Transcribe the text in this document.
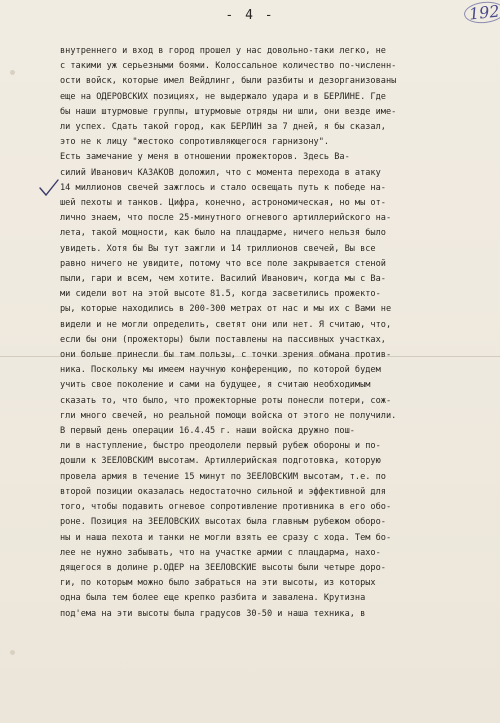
- 4 -	192
внутреннего и вход в город прошел у нас довольно-таки легко, не
с такими уж серьезными боями. Колоссальное количество по-численн-
ости войск, которые имел Вейдлинг, были разбиты и дезорганизованы
еще на ОДЕРОВСКИХ позициях, не выдержало удара и в БЕРЛИНЕ. Где
бы наши штурмовые группы, штурмовые отряды ни шли, они везде име-
ли успех. Сдать такой город, как БЕРЛИН за 7 дней, я бы сказал,
это не к лицу "жестоко сопротивляющегося гарнизону".
Есть замечание у меня в отношении прожекторов. Здесь Ва-
силий Иванович КАЗАКОВ доложил, что с момента перехода в атаку
14 миллионов свечей зажглось и стало освещать путь к победе на-
шей пехоты и танков. Цифра, конечно, астрономическая, но мы от-
лично знаем, что после 25-минутного огневого артиллерийского на-
лета, такой мощности, как было на плацдарме, ничего нельзя было
увидеть. Хотя бы Вы тут зажгли и 14 триллионов свечей, Вы все
равно ничего не увидите, потому что все поле закрывается стеной
пыли, гари и всем, чем хотите. Василий Иванович, когда мы с Ва-
ми сидели вот на этой высоте 81.5, когда засветились прожекто-
ры, которые находились в 200-300 метрах от нас и мы их с Вами не
видели и не могли определить, светят они или нет. Я считаю, что,
если бы они (прожекторы) были поставлены на пассивных участках,
они больше принесли бы там пользы, с точки зрения обмана против-
ника. Поскольку мы имеем научную конференцию, по которой будем
учить свое поколение и сами на будущее, я считаю необходимым
сказать то, что было, что прожекторные роты понесли потери, сож-
гли много свечей, но реальной помощи войска от этого не получили.
В первый день операции 16.4.45 г. наши войска дружно пош-
ли в наступление, быстро преодолели первый рубеж обороны и по-
дошли к ЗЕЕЛОВСКИМ высотам. Артиллерийская подготовка, которую
провела армия в течение 15 минут по ЗЕЕЛОВСКИМ высотам, т.е. по
второй позиции оказалась недостаточно сильной и эффективной для
того, чтобы подавить огневое сопротивление противника в его обо-
роне. Позиция на ЗЕЕЛОВСКИХ высотах была главным рубежом оборо-
ны и наша пехота и танки не могли взять ее сразу с хода. Тем бо-
лее не нужно забывать, что на участке армии с плацдарма, нахо-
дящегося в долине р.ОДЕР на ЗЕЕЛОВСКИЕ высоты были четыре доро-
ги, по которым можно было забраться на эти высоты, из которых
одна была тем более еще крепко разбита и завалена. Крутизна
под'ема на эти высоты была градусов 30-50 и наша техника, в
